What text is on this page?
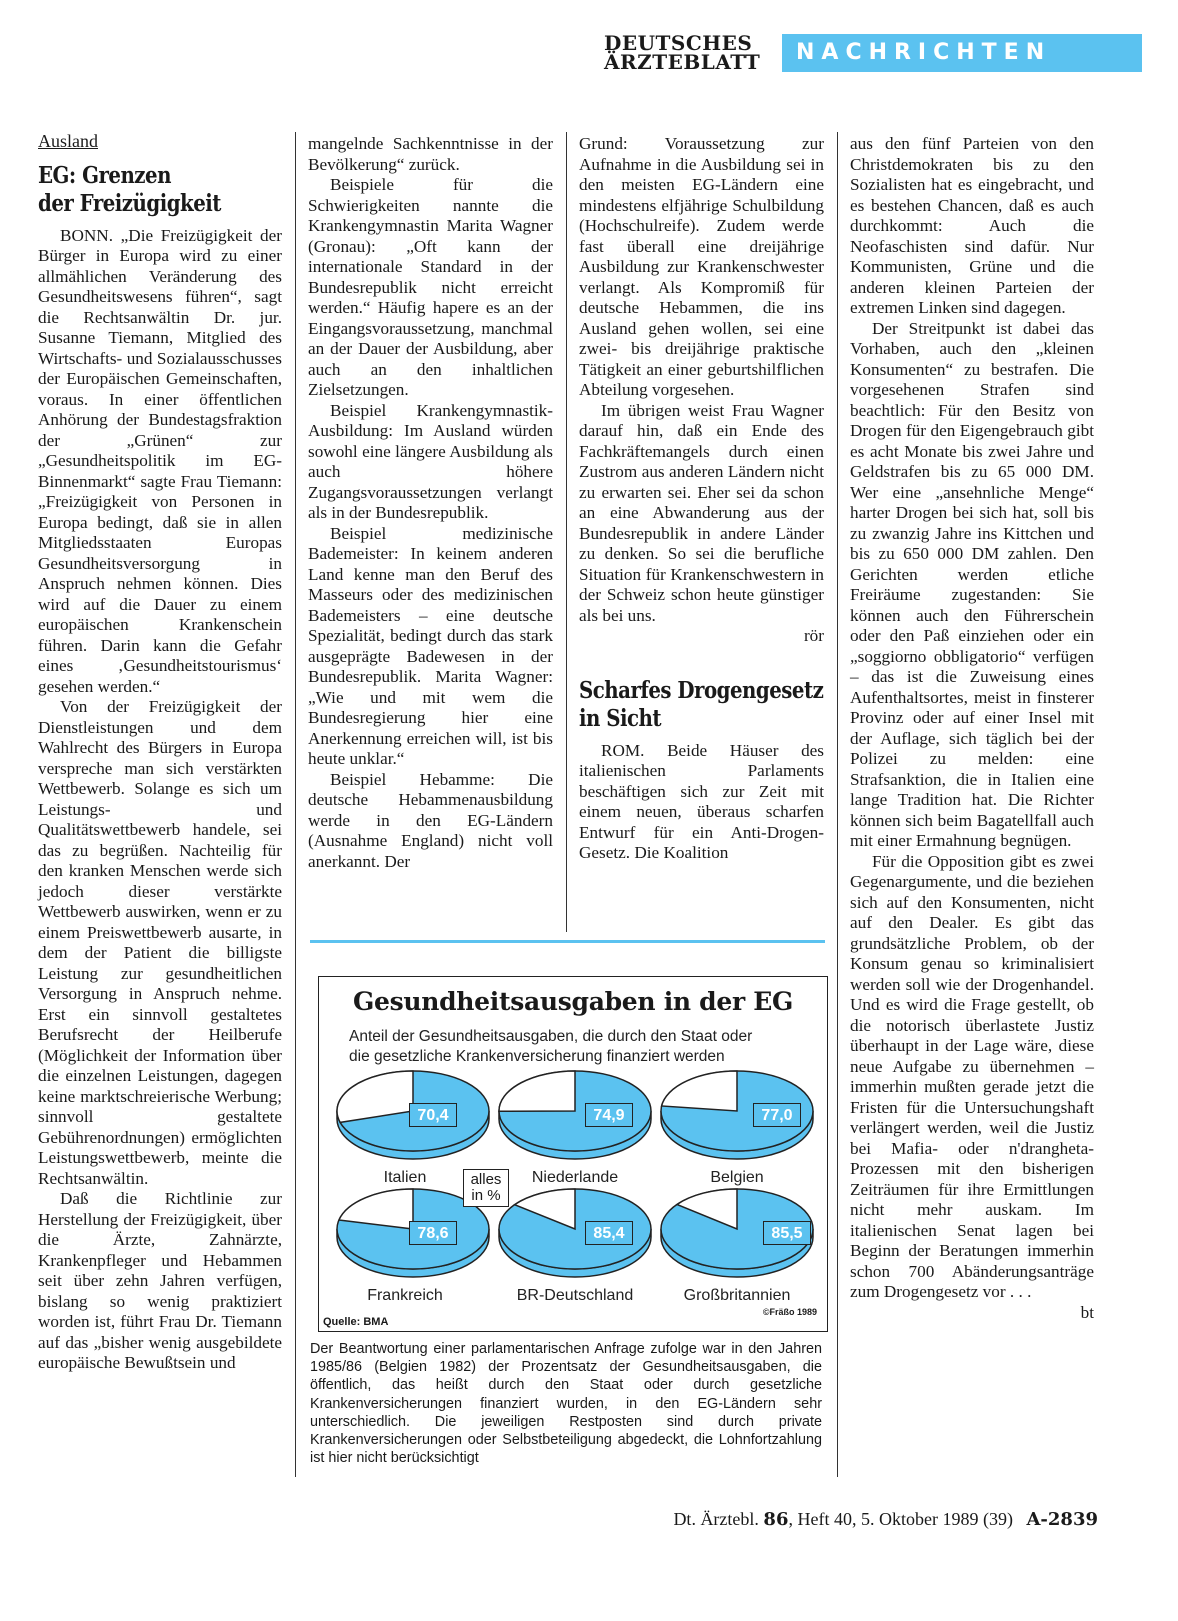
DEUTSCHES
ÄRZTEBLATT	NACHRICHTEN
Ausland
EG: Grenzen
der Freizügigkeit

BONN. „Die Freizügigkeit der Bürger in Europa wird zu einer allmählichen Veränderung des Gesundheitswesens führen“, sagt die Rechtsanwältin Dr. jur. Susanne Tiemann, Mitglied des Wirtschafts- und Sozialausschusses der Europäischen Gemeinschaften, voraus. In einer öffentlichen Anhörung der Bundestagsfraktion der „Grünen“ zur „Gesundheitspolitik im EG-Binnenmarkt“ sagte Frau Tiemann: „Freizügigkeit von Personen in Europa bedingt, daß sie in allen Mitgliedsstaaten Europas Gesundheitsversorgung in Anspruch nehmen können. Dies wird auf die Dauer zu einem europäischen Krankenschein führen. Darin kann die Gefahr eines ‚Gesundheitstourismus‘ gesehen werden.“

Von der Freizügigkeit der Dienstleistungen und dem Wahlrecht des Bürgers in Europa verspreche man sich verstärkten Wettbewerb. Solange es sich um Leistungs- und Qualitätswettbewerb handele, sei das zu begrüßen. Nachteilig für den kranken Menschen werde sich jedoch dieser verstärkte Wettbewerb auswirken, wenn er zu einem Preiswettbewerb ausarte, in dem der Patient die billigste Leistung zur gesundheitlichen Versorgung in Anspruch nehme. Erst ein sinnvoll gestaltetes Berufsrecht der Heilberufe (Möglichkeit der Information über die einzelnen Leistungen, dagegen keine marktschreierische Werbung; sinnvoll gestaltete Gebührenordnungen) ermöglichten Leistungswettbewerb, meinte die Rechtsanwältin.

Daß die Richtlinie zur Herstellung der Freizügigkeit, über die Ärzte, Zahnärzte, Krankenpfleger und Hebammen seit über zehn Jahren verfügen, bislang so wenig praktiziert worden ist, führt Frau Dr. Tiemann auf das „bisher wenig ausgebildete europäische Bewußtsein und

mangelnde Sachkenntnisse in der Bevölkerung“ zurück.

Beispiele für die Schwierigkeiten nannte die Krankengymnastin Marita Wagner (Gronau): „Oft kann der internationale Standard in der Bundesrepublik nicht erreicht werden.“ Häufig hapere es an der Eingangsvoraussetzung, manchmal an der Dauer der Ausbildung, aber auch an den inhaltlichen Zielsetzungen.

Beispiel Krankengymnastik-Ausbildung: Im Ausland würden sowohl eine längere Ausbildung als auch höhere Zugangsvoraussetzungen verlangt als in der Bundesrepublik.

Beispiel medizinische Bademeister: In keinem anderen Land kenne man den Beruf des Masseurs oder des medizinischen Bademeisters – eine deutsche Spezialität, bedingt durch das stark ausgeprägte Badewesen in der Bundesrepublik. Marita Wagner: „Wie und mit wem die Bundesregierung hier eine Anerkennung erreichen will, ist bis heute unklar.“

Beispiel Hebamme: Die deutsche Hebammenausbildung werde in den EG-Ländern (Ausnahme England) nicht voll anerkannt. Der

Grund: Voraussetzung zur Aufnahme in die Ausbildung sei in den meisten EG-Ländern eine mindestens elfjährige Schulbildung (Hochschulreife). Zudem werde fast überall eine dreijährige Ausbildung zur Krankenschwester verlangt. Als Kompromiß für deutsche Hebammen, die ins Ausland gehen wollen, sei eine zwei- bis dreijährige praktische Tätigkeit an einer geburtshilflichen Abteilung vorgesehen.

Im übrigen weist Frau Wagner darauf hin, daß ein Ende des Fachkräftemangels durch einen Zustrom aus anderen Ländern nicht zu erwarten sei. Eher sei da schon an eine Abwanderung aus der Bundesrepublik in andere Länder zu denken. So sei die berufliche Situation für Krankenschwestern in der Schweiz schon heute günstiger als bei uns.

rör
Scharfes Drogengesetz
in Sicht

ROM. Beide Häuser des italienischen Parlaments beschäftigen sich zur Zeit mit einem neuen, überaus scharfen Entwurf für ein Anti-Drogen-Gesetz. Die Koalition

aus den fünf Parteien von den Christdemokraten bis zu den Sozialisten hat es eingebracht, und es bestehen Chancen, daß es auch durchkommt: Auch die Neofaschisten sind dafür. Nur Kommunisten, Grüne und die anderen kleinen Parteien der extremen Linken sind dagegen.

Der Streitpunkt ist dabei das Vorhaben, auch den „kleinen Konsumenten“ zu bestrafen. Die vorgesehenen Strafen sind beachtlich: Für den Besitz von Drogen für den Eigengebrauch gibt es acht Monate bis zwei Jahre und Geldstrafen bis zu 65 000 DM. Wer eine „ansehnliche Menge“ harter Drogen bei sich hat, soll bis zu zwanzig Jahre ins Kittchen und bis zu 650 000 DM zahlen. Den Gerichten werden etliche Freiräume zugestanden: Sie können auch den Führerschein oder den Paß einziehen oder ein „soggiorno obbligatorio“ verfügen – das ist die Zuweisung eines Aufenthaltsortes, meist in finsterer Provinz oder auf einer Insel mit der Auflage, sich täglich bei der Polizei zu melden: eine Strafsanktion, die in Italien eine lange Tradition hat. Die Richter können sich beim Bagatellfall auch mit einer Ermahnung begnügen.

Für die Opposition gibt es zwei Gegenargumente, und die beziehen sich auf den Konsumenten, nicht auf den Dealer. Es gibt das grundsätzliche Problem, ob der Konsum genau so kriminalisiert werden soll wie der Drogenhandel. Und es wird die Frage gestellt, ob die notorisch überlastete Justiz überhaupt in der Lage wäre, diese neue Aufgabe zu übernehmen – immerhin mußten gerade jetzt die Fristen für die Untersuchungshaft verlängert werden, weil die Justiz bei Mafia- oder n'drangheta-Prozessen mit den bisherigen Zeiträumen für ihre Ermittlungen nicht mehr auskam. Im italienischen Senat lagen bei Beginn der Beratungen immerhin schon 700 Abänderungsanträge zum Drogengesetz vor . . .

bt
Gesundheitsausgaben in der EG
Anteil der Gesundheitsausgaben, die durch den Staat oder
die gesetzliche Krankenversicherung finanziert werden
70,4
Italien
74,9
Niederlande
77,0
Belgien
78,6
Frankreich
85,4
BR-Deutschland
85,5
Großbritannien
alles
in %
Quelle: BMA
©Fräßo 1989
Der Beantwortung einer parlamentarischen Anfrage zufolge war in den Jahren 1985/86 (Belgien 1982) der Prozentsatz der Gesundheitsausgaben, die öffentlich, das heißt durch den Staat oder durch gesetzliche Krankenversicherungen finanziert wurden, in den EG-Ländern sehr unterschiedlich. Die jeweiligen Restposten sind durch private Krankenversicherungen oder Selbstbeteiligung abgedeckt, die Lohnfortzahlung ist hier nicht berücksichtigt
Dt. Ärztebl. 86, Heft 40, 5. Oktober 1989 (39) A-2839
